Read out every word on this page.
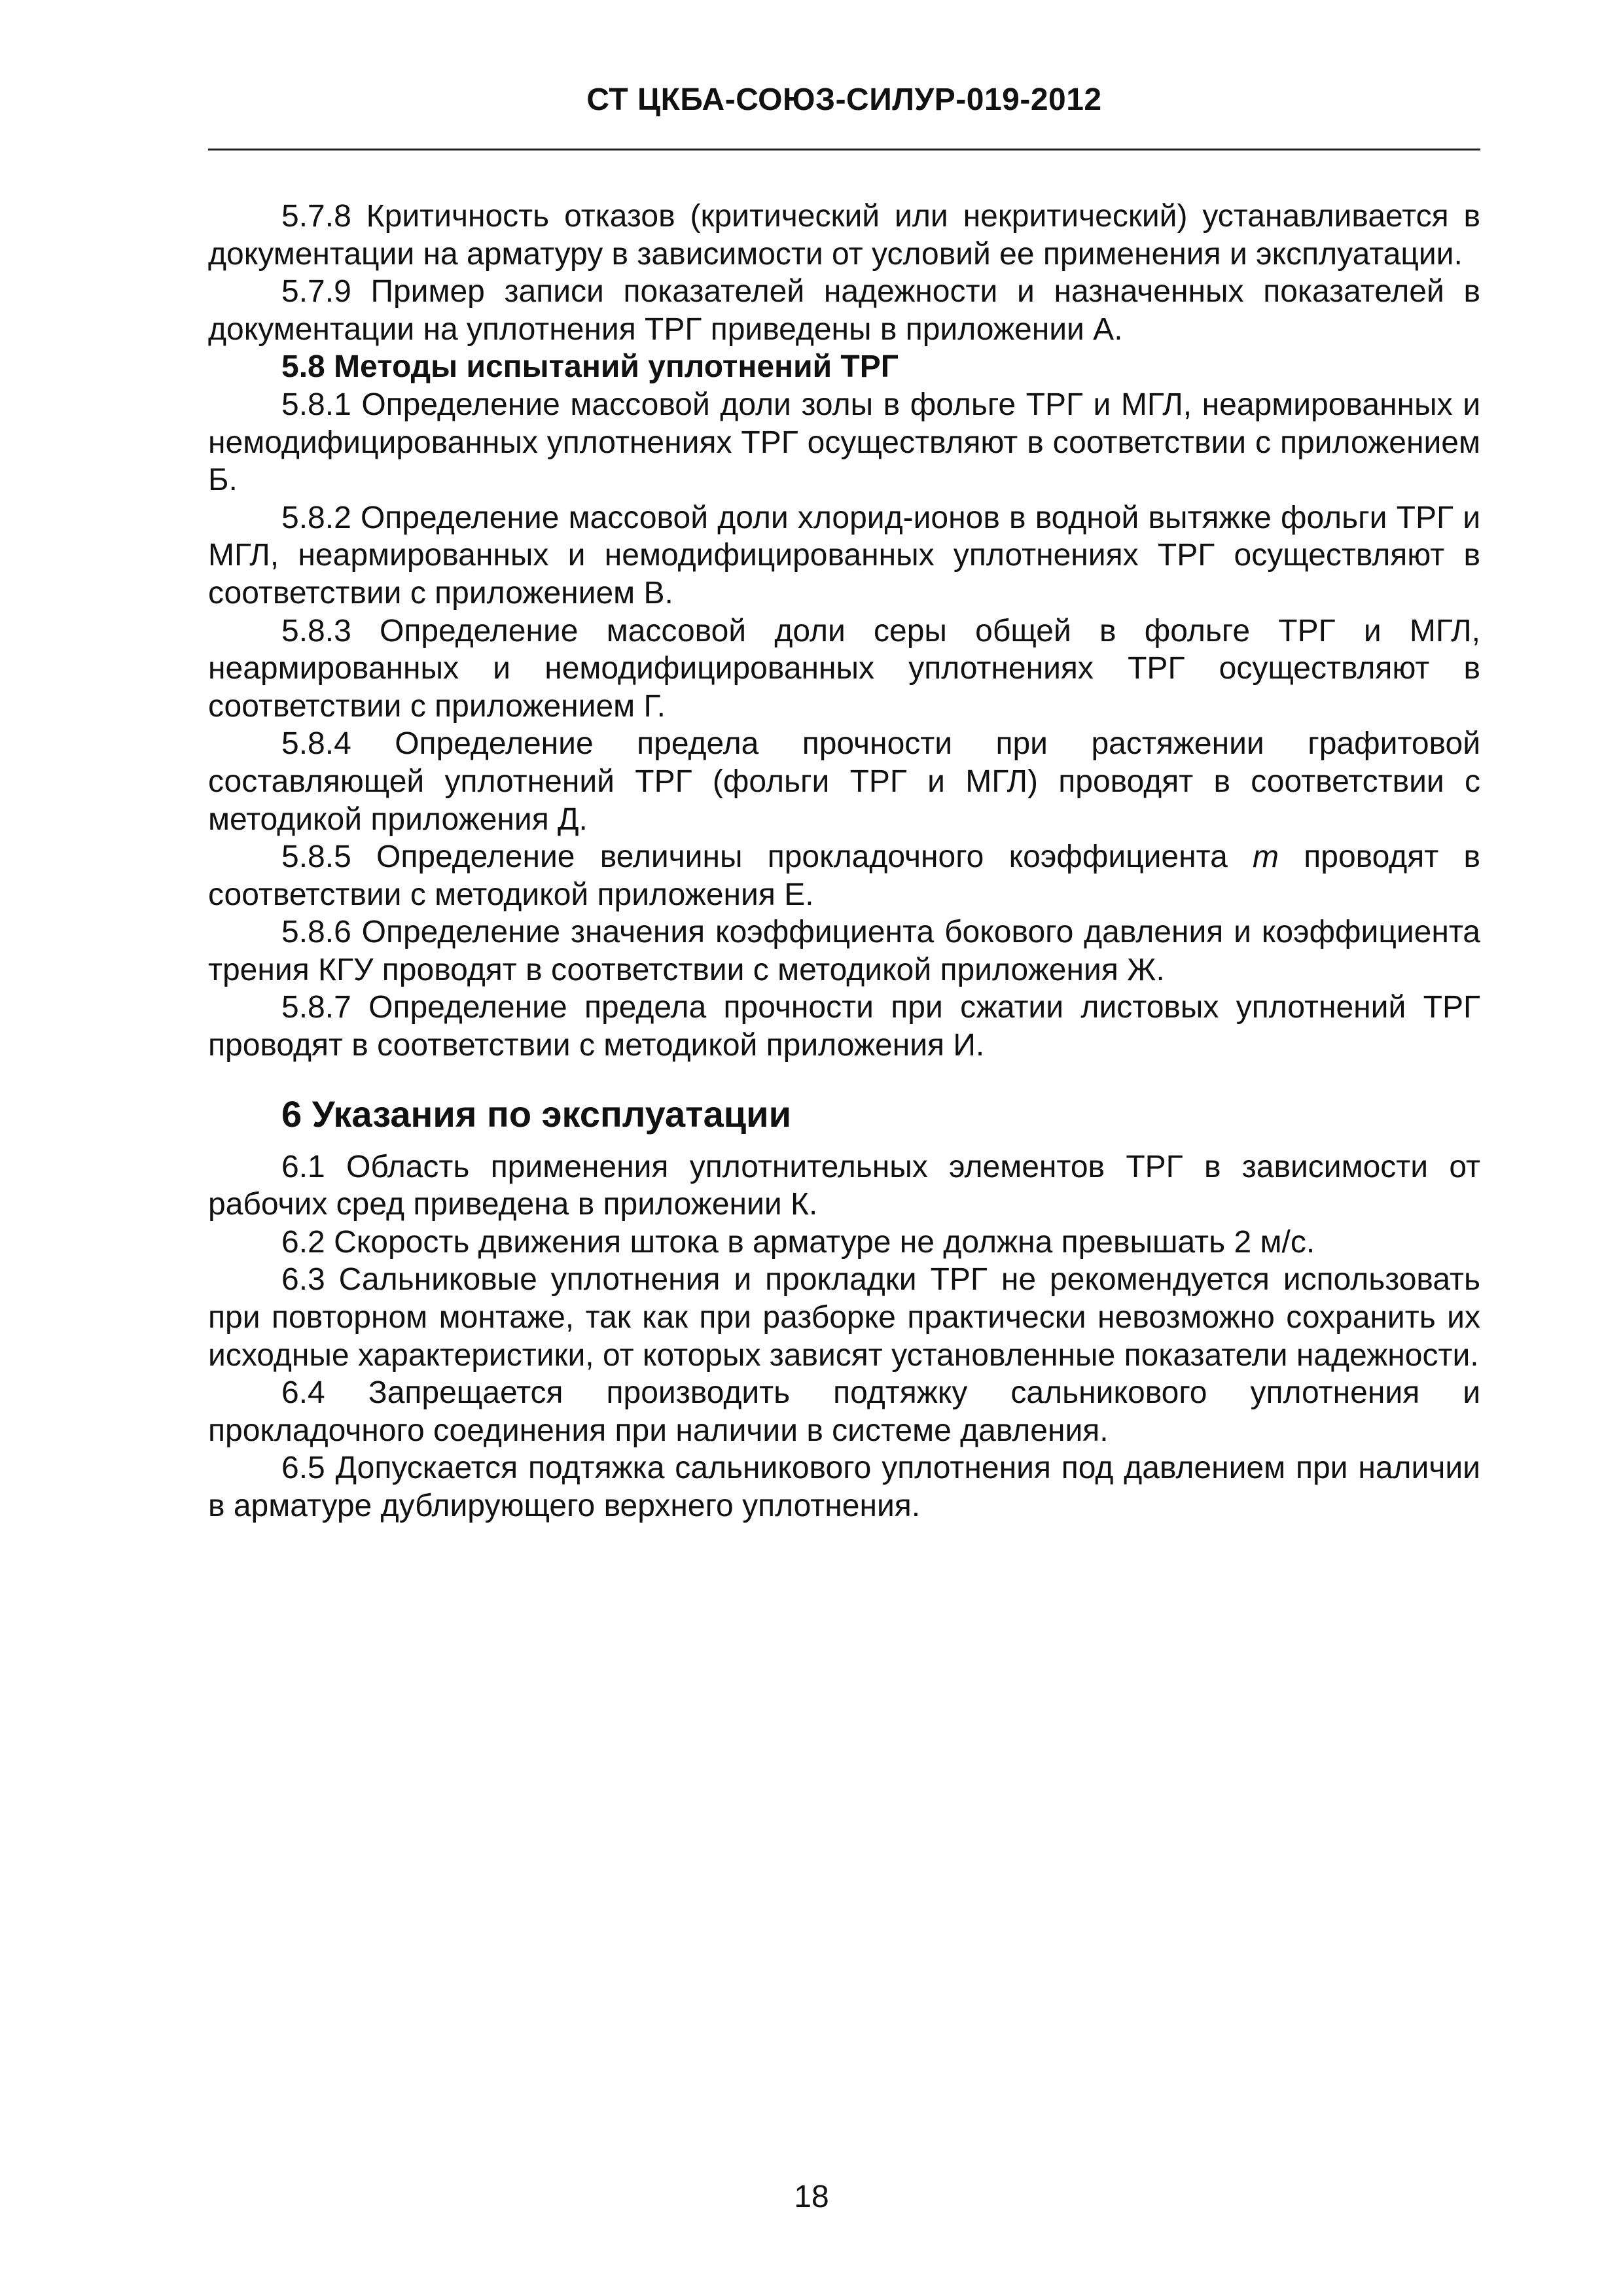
СТ ЦКБА-СОЮЗ-СИЛУР-019-2012

5.7.8 Критичность отказов (критический или некритический) устанавливается в документации на арматуру в зависимости от условий ее применения и эксплуатации.

5.7.9 Пример записи показателей надежности и назначенных показателей в документации на уплотнения ТРГ приведены в приложении А.

5.8 Методы испытаний уплотнений ТРГ

5.8.1 Определение массовой доли золы в фольге ТРГ и МГЛ, неармированных и немодифицированных уплотнениях ТРГ осуществляют в соответствии с приложением Б.

5.8.2 Определение массовой доли хлорид-ионов в водной вытяжке фольги ТРГ и МГЛ, неармированных и немодифицированных уплотнениях ТРГ осуществляют в соответствии с приложением В.

5.8.3 Определение массовой доли серы общей в фольге ТРГ и МГЛ, неармированных и немодифицированных уплотнениях ТРГ осуществляют в соответствии с приложением Г.

5.8.4 Определение предела прочности при растяжении графитовой составляющей уплотнений ТРГ (фольги ТРГ и МГЛ) проводят в соответствии с методикой приложения Д.

5.8.5 Определение величины прокладочного коэффициента m проводят в соответствии с методикой приложения Е.

5.8.6 Определение значения коэффициента бокового давления и коэффициента трения КГУ проводят в соответствии с методикой приложения Ж.

5.8.7 Определение предела прочности при сжатии листовых уплотнений ТРГ проводят в соответствии с методикой приложения И.

6 Указания по эксплуатации

6.1 Область применения уплотнительных элементов ТРГ в зависимости от рабочих сред приведена в приложении К.

6.2 Скорость движения штока в арматуре не должна превышать 2 м/с.

6.3 Сальниковые уплотнения и прокладки ТРГ не рекомендуется использовать при повторном монтаже, так как при разборке практически невозможно сохранить их исходные характеристики, от которых зависят установленные показатели надежности.

6.4 Запрещается производить подтяжку сальникового уплотнения и прокладочного соединения при наличии в системе давления.

6.5 Допускается подтяжка сальникового уплотнения под давлением при наличии в арматуре дублирующего верхнего уплотнения.

18
